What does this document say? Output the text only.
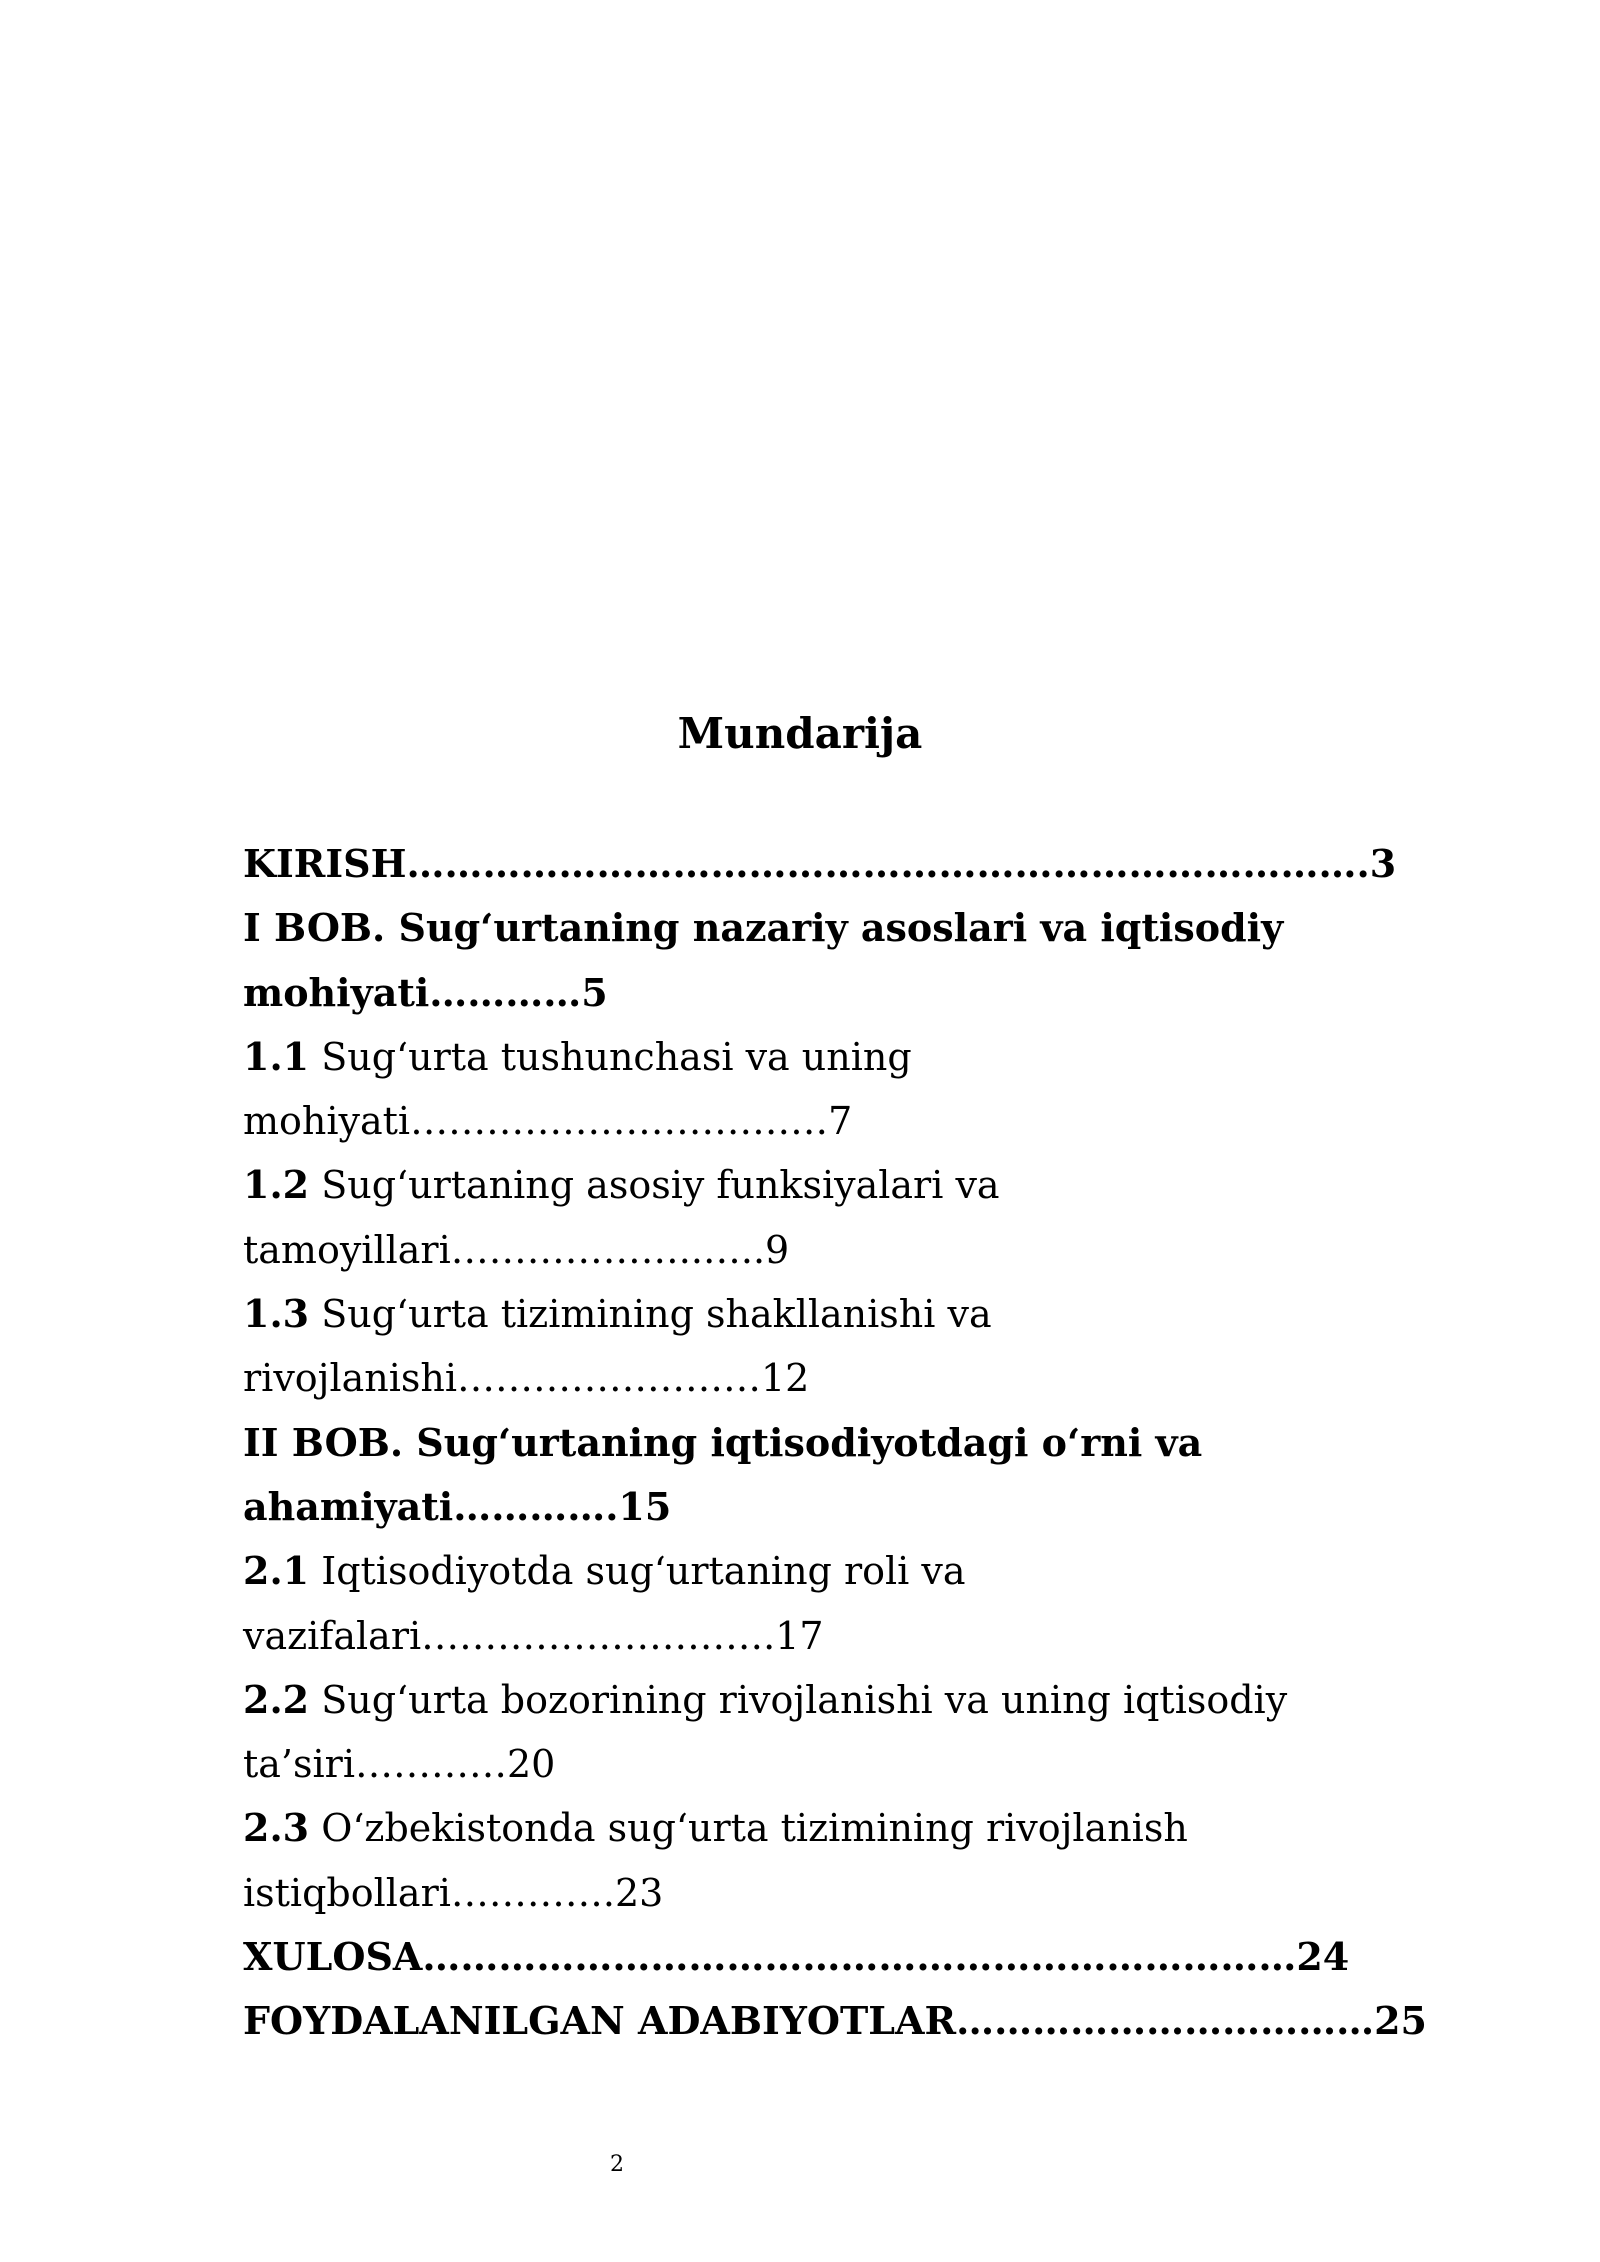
Mundarija
KIRISH………………………………………………………………….3
I BOB. Sug‘urtaning nazariy asoslari va iqtisodiy
mohiyati…………5
1.1 Sug‘urta tushunchasi va uning
mohiyati……………………………7
1.2 Sug‘urtaning asosiy funksiyalari va
tamoyillari………………..…..9
1.3 Sug‘urta tizimining shakllanishi va
rivojlanishi……………………12
II BOB. Sug‘urtaning iqtisodiyotdagi o‘rni va
ahamiyati………….15
2.1 Iqtisodiyotda sug‘urtaning roli va
vazifalari……………………….17
2.2 Sug‘urta bozorining rivojlanishi va uning iqtisodiy
ta’siri…………20
2.3 O‘zbekistonda sug‘urta tizimining rivojlanish
istiqbollari………….23
XULOSA……………………………………………………………24
FOYDALANILGAN ADABIYOTLAR……………………………25
2
